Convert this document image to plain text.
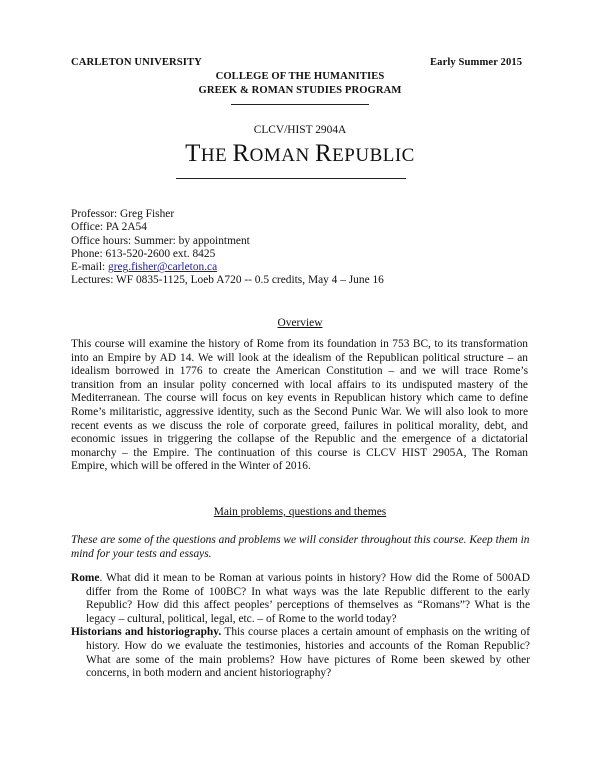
CARLETON UNIVERSITY	Early Summer 2015
COLLEGE OF THE HUMANITIES
GREEK & ROMAN STUDIES PROGRAM
CLCV/HIST 2904A
THE ROMAN REPUBLIC
Professor: Greg Fisher
Office: PA 2A54
Office hours: Summer: by appointment
Phone: 613-520-2600 ext. 8425
E-mail: greg.fisher@carleton.ca
Lectures: WF 0835-1125, Loeb A720 -- 0.5 credits, May 4 – June 16
Overview
This course will examine the history of Rome from its foundation in 753 BC, to its transformation into an Empire by AD 14. We will look at the idealism of the Republican political structure – an idealism borrowed in 1776 to create the American Constitution – and we will trace Rome’s transition from an insular polity concerned with local affairs to its undisputed mastery of the Mediterranean. The course will focus on key events in Republican history which came to define Rome’s militaristic, aggressive identity, such as the Second Punic War. We will also look to more recent events as we discuss the role of corporate greed, failures in political morality, debt, and economic issues in triggering the collapse of the Republic and the emergence of a dictatorial monarchy – the Empire. The continuation of this course is CLCV HIST 2905A, The Roman Empire, which will be offered in the Winter of 2016.
Main problems, questions and themes
These are some of the questions and problems we will consider throughout this course. Keep them in mind for your tests and essays.
Rome. What did it mean to be Roman at various points in history? How did the Rome of 500AD differ from the Rome of 100BC? In what ways was the late Republic different to the early Republic? How did this affect peoples’ perceptions of themselves as “Romans”? What is the legacy – cultural, political, legal, etc. – of Rome to the world today?
Historians and historiography. This course places a certain amount of emphasis on the writing of history. How do we evaluate the testimonies, histories and accounts of the Roman Republic? What are some of the main problems? How have pictures of Rome been skewed by other concerns, in both modern and ancient historiography?
